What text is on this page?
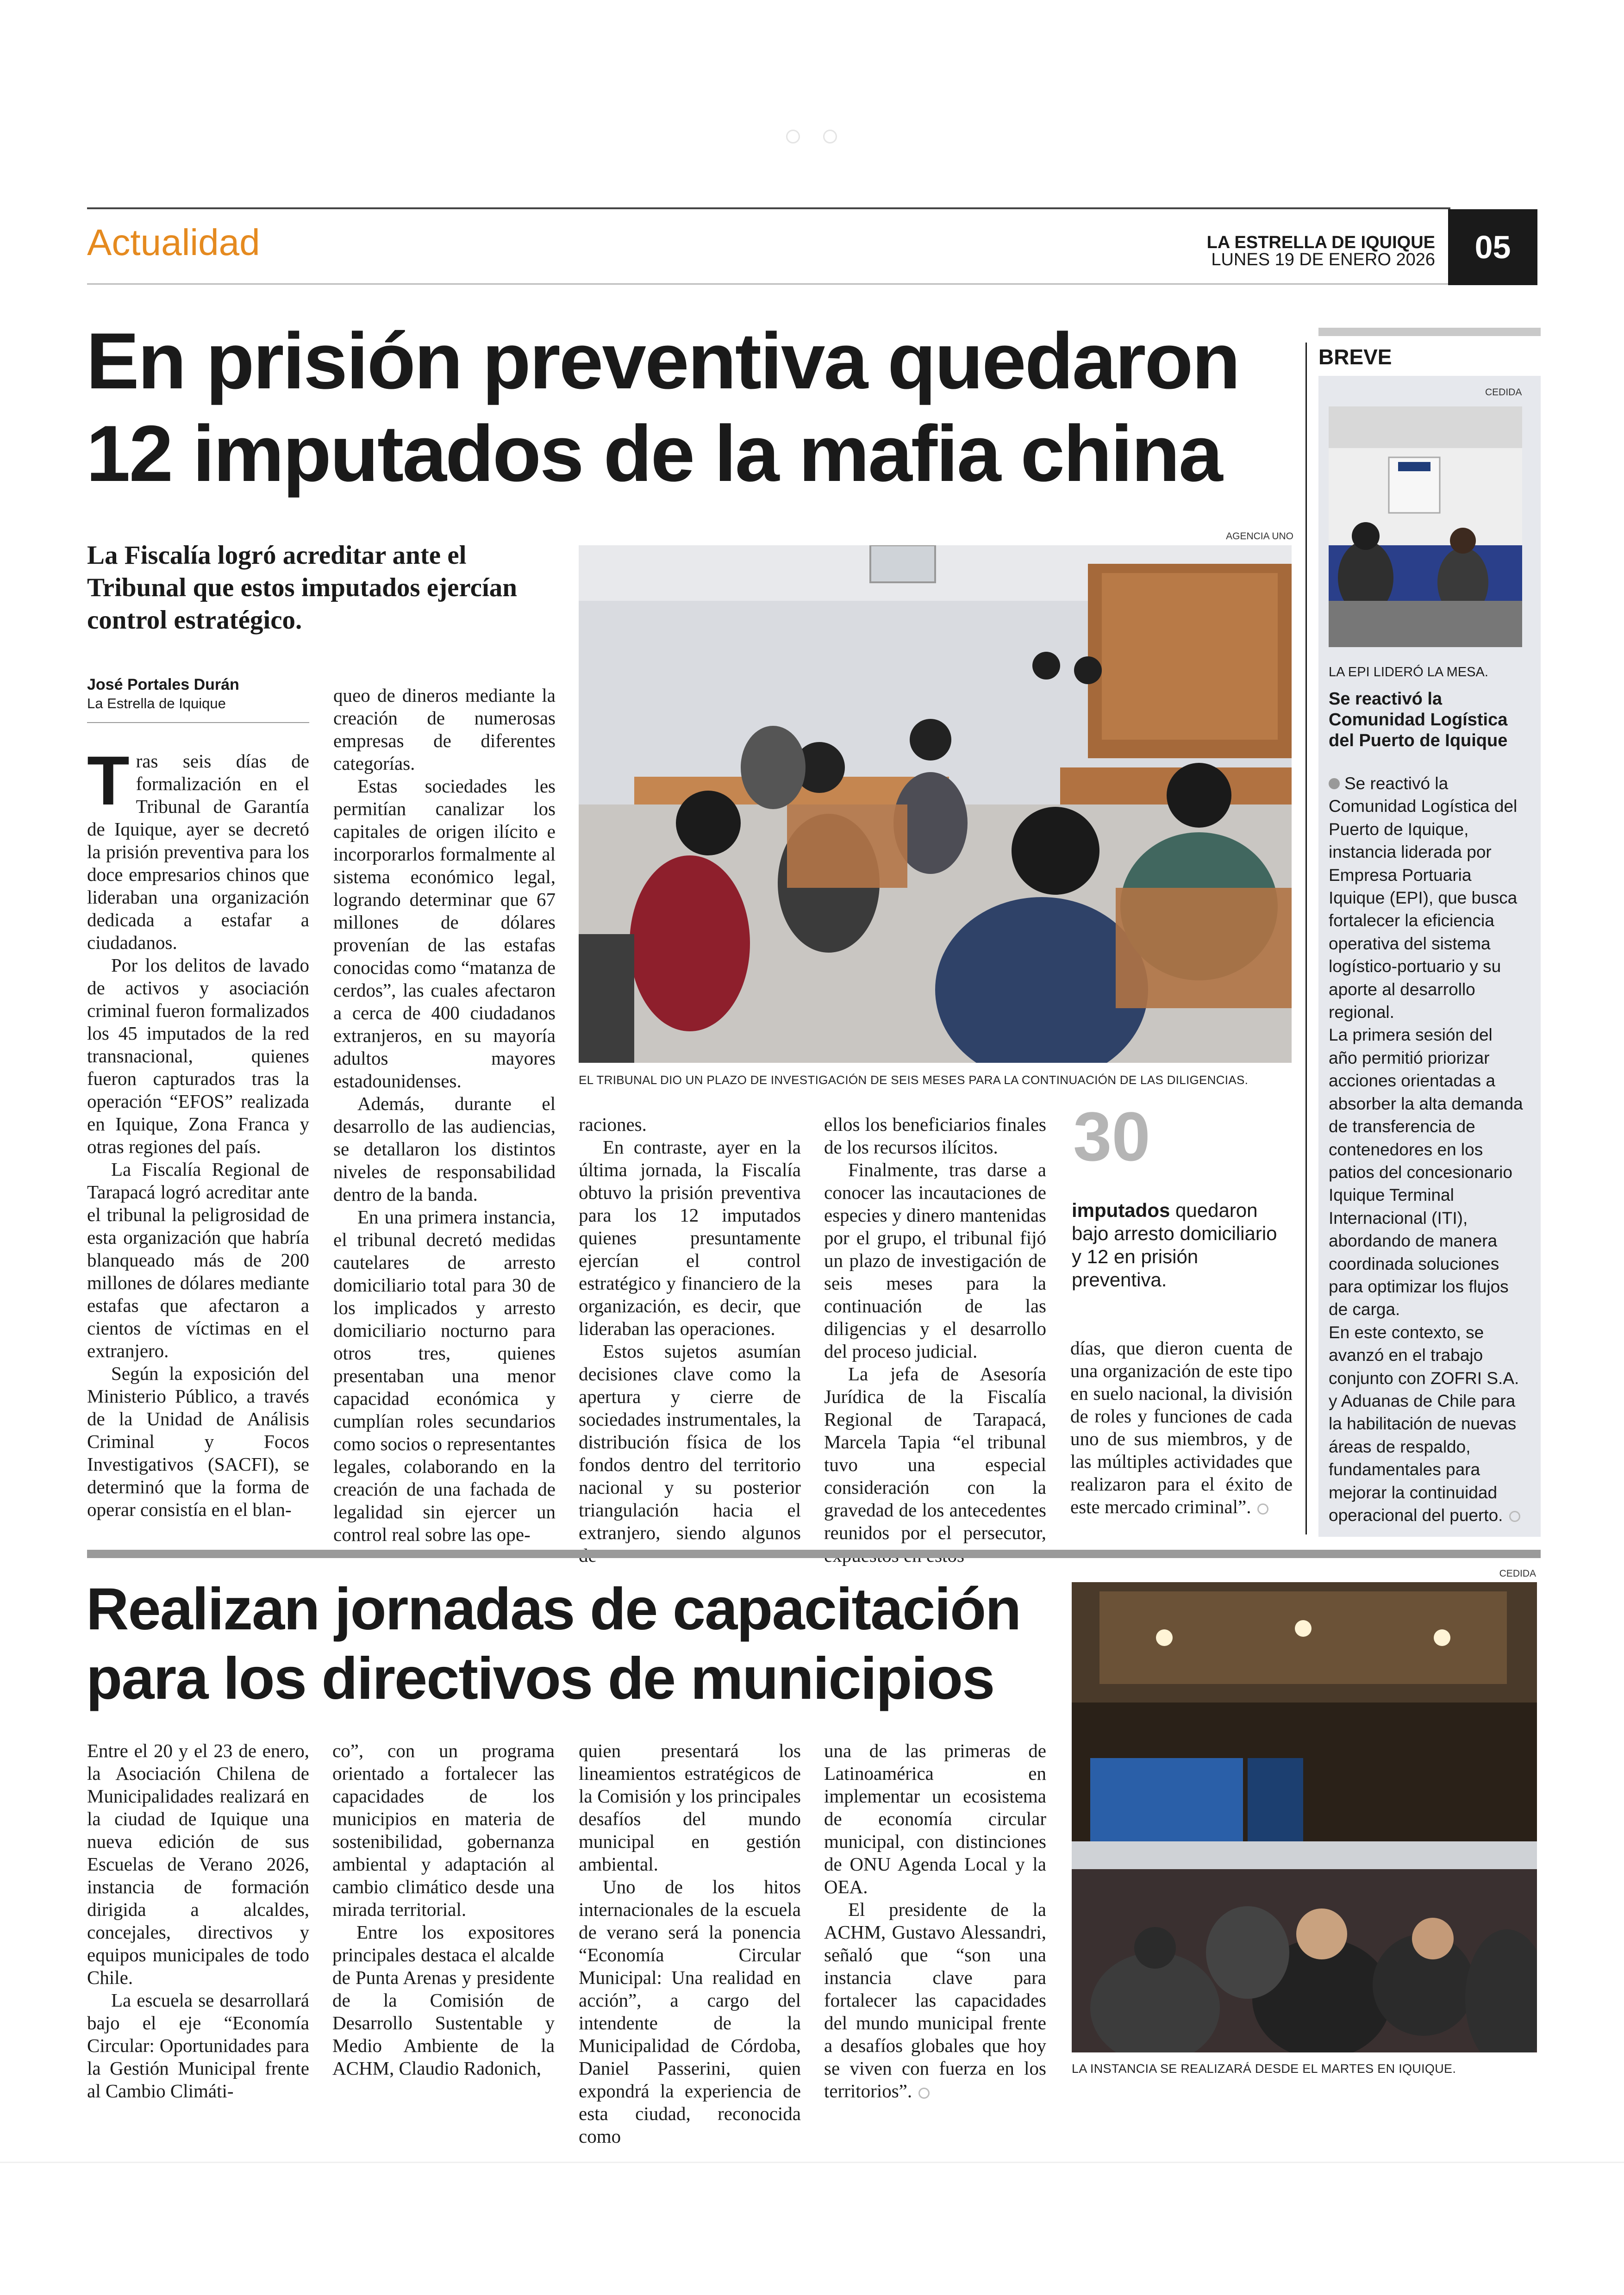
Actualidad	LA ESTRELLA DE IQUIQUE
LUNES 19 DE ENERO 2026 05
En prisión preventiva quedaron
12 imputados de la mafia china
La Fiscalía logró acreditar ante el Tribunal que estos imputados ejercían control estratégico.
José Portales Durán
La Estrella de Iquique
AGENCIA UNO
EL TRIBUNAL DIO UN PLAZO DE INVESTIGACIÓN DE SEIS MESES PARA LA CONTINUACIÓN DE LAS DILIGENCIAS.

Tras seis días de formalización en el Tribunal de Garantía de Iquique, ayer se decretó la prisión preventiva para los doce empresarios chinos que lideraban una organización dedicada a estafar a ciudadanos.

Por los delitos de lavado de activos y asociación criminal fueron formalizados los 45 imputados de la red transnacional, quienes fueron capturados tras la operación “EFOS” realizada en Iquique, Zona Franca y otras regiones del país.

La Fiscalía Regional de Tarapacá logró acreditar ante el tribunal la peligrosidad de esta organización que habría blanqueado más de 200 millones de dólares mediante estafas que afectaron a cientos de víctimas en el extranjero.

Según la exposición del Ministerio Público, a través de la Unidad de Análisis Criminal y Focos Investigativos (SACFI), se determinó que la forma de operar consistía en el blan-

queo de dineros mediante la creación de numerosas empresas de diferentes categorías.

Estas sociedades les permitían canalizar los capitales de origen ilícito e incorporarlos formalmente al sistema económico legal, logrando determinar que 67 millones de dólares provenían de las estafas conocidas como “matanza de cerdos”, las cuales afectaron a cerca de 400 ciudadanos extranjeros, en su mayoría adultos mayores estadounidenses.

Además, durante el desarrollo de las audiencias, se detallaron los distintos niveles de responsabilidad dentro de la banda.

En una primera instancia, el tribunal decretó medidas cautelares de arresto domiciliario total para 30 de los implicados y arresto domiciliario nocturno para otros tres, quienes presentaban una menor capacidad económica y cumplían roles secundarios como socios o representantes legales, colaborando en la creación de una fachada de legalidad sin ejercer un control real sobre las ope-

raciones.

En contraste, ayer en la última jornada, la Fiscalía obtuvo la prisión preventiva para los 12 imputados quienes presuntamente ejercían el control estratégico y financiero de la organización, es decir, que lideraban las operaciones.

Estos sujetos asumían decisiones clave como la apertura y cierre de sociedades instrumentales, la distribución física de los fondos dentro del territorio nacional y su posterior triangulación hacia el extranjero, siendo algunos

ellos los beneficiarios finales de los recursos ilícitos.

Finalmente, tras darse a conocer las incautaciones de especies y dinero mantenidas por el grupo, el tribunal fijó un plazo de investigación de seis meses para la continuación de las diligencias y el desarrollo del proceso judicial.

La jefa de Asesoría Jurídica de la Fiscalía Regional de Tarapacá, Marcela Tapia “el tribunal tuvo una especial consideración con la gravedad de los antecedentes reunidos por el persecutor,

30
imputados quedaron bajo arresto domiciliario y 12 en prisión preventiva.

días, que dieron cuenta de una organización de este tipo en suelo nacional, la división de roles y funciones de cada uno de sus miembros, y de las múltiples actividades que realizaron para el éxito de este mercado criminal”.

BREVE
CEDIDA
LA EPI LIDERÓ LA MESA.
Se reactivó la Comunidad Logística del Puerto de Iquique
Se reactivó la Comunidad Logística del Puerto de Iquique, instancia liderada por Empresa Portuaria Iquique (EPI), que busca fortalecer la eficiencia operativa del sistema logístico-portuario y su aporte al desarrollo regional.
La primera sesión del año permitió priorizar acciones orientadas a absorber la alta demanda de transferencia de contenedores en los patios del concesionario Iquique Terminal Internacional (ITI), abordando de manera coordinada soluciones para optimizar los flujos de carga.
En este contexto, se avanzó en el trabajo conjunto con ZOFRI S.A. y Aduanas de Chile para la habilitación de nuevas áreas de respaldo, fundamentales para mejorar la continuidad operacional del puerto.
Realizan jornadas de capacitación
para los directivos de municipios
CEDIDA
LA INSTANCIA SE REALIZARÁ DESDE EL MARTES EN IQUIQUE.

Entre el 20 y el 23 de enero, la Asociación Chilena de Municipalidades realizará en la ciudad de Iquique una nueva edición de sus Escuelas de Verano 2026, instancia de formación dirigida a alcaldes, concejales, directivos y equipos municipales de todo Chile.

La escuela se desarrollará bajo el eje “Economía Circular: Oportunidades para la Gestión Municipal frente al Cambio Climáti-

co”, con un programa orientado a fortalecer las capacidades de los municipios en materia de sostenibilidad, gobernanza ambiental y adaptación al cambio climático desde una mirada territorial.

Entre los expositores principales destaca el alcalde de Punta Arenas y presidente de la Comisión de Desarrollo Sustentable y Medio Ambiente de la ACHM, Claudio Radonich,

quien presentará los lineamientos estratégicos de la Comisión y los principales desafíos del mundo municipal en gestión ambiental.

Uno de los hitos internacionales de la escuela de verano será la ponencia “Economía Circular Municipal: Una realidad en acción”, a cargo del intendente de la Municipalidad de Córdoba, Daniel Passerini, quien expondrá la experiencia de esta ciudad, reconocida como

una de las primeras de Latinoamérica en implementar un ecosistema de economía circular municipal, con distinciones de ONU Agenda Local y la OEA.

El presidente de la ACHM, Gustavo Alessandri, señaló que “son una instancia clave para fortalecer las capacidades del mundo municipal frente a desafíos globales que hoy se viven con fuerza en los territorios”.
